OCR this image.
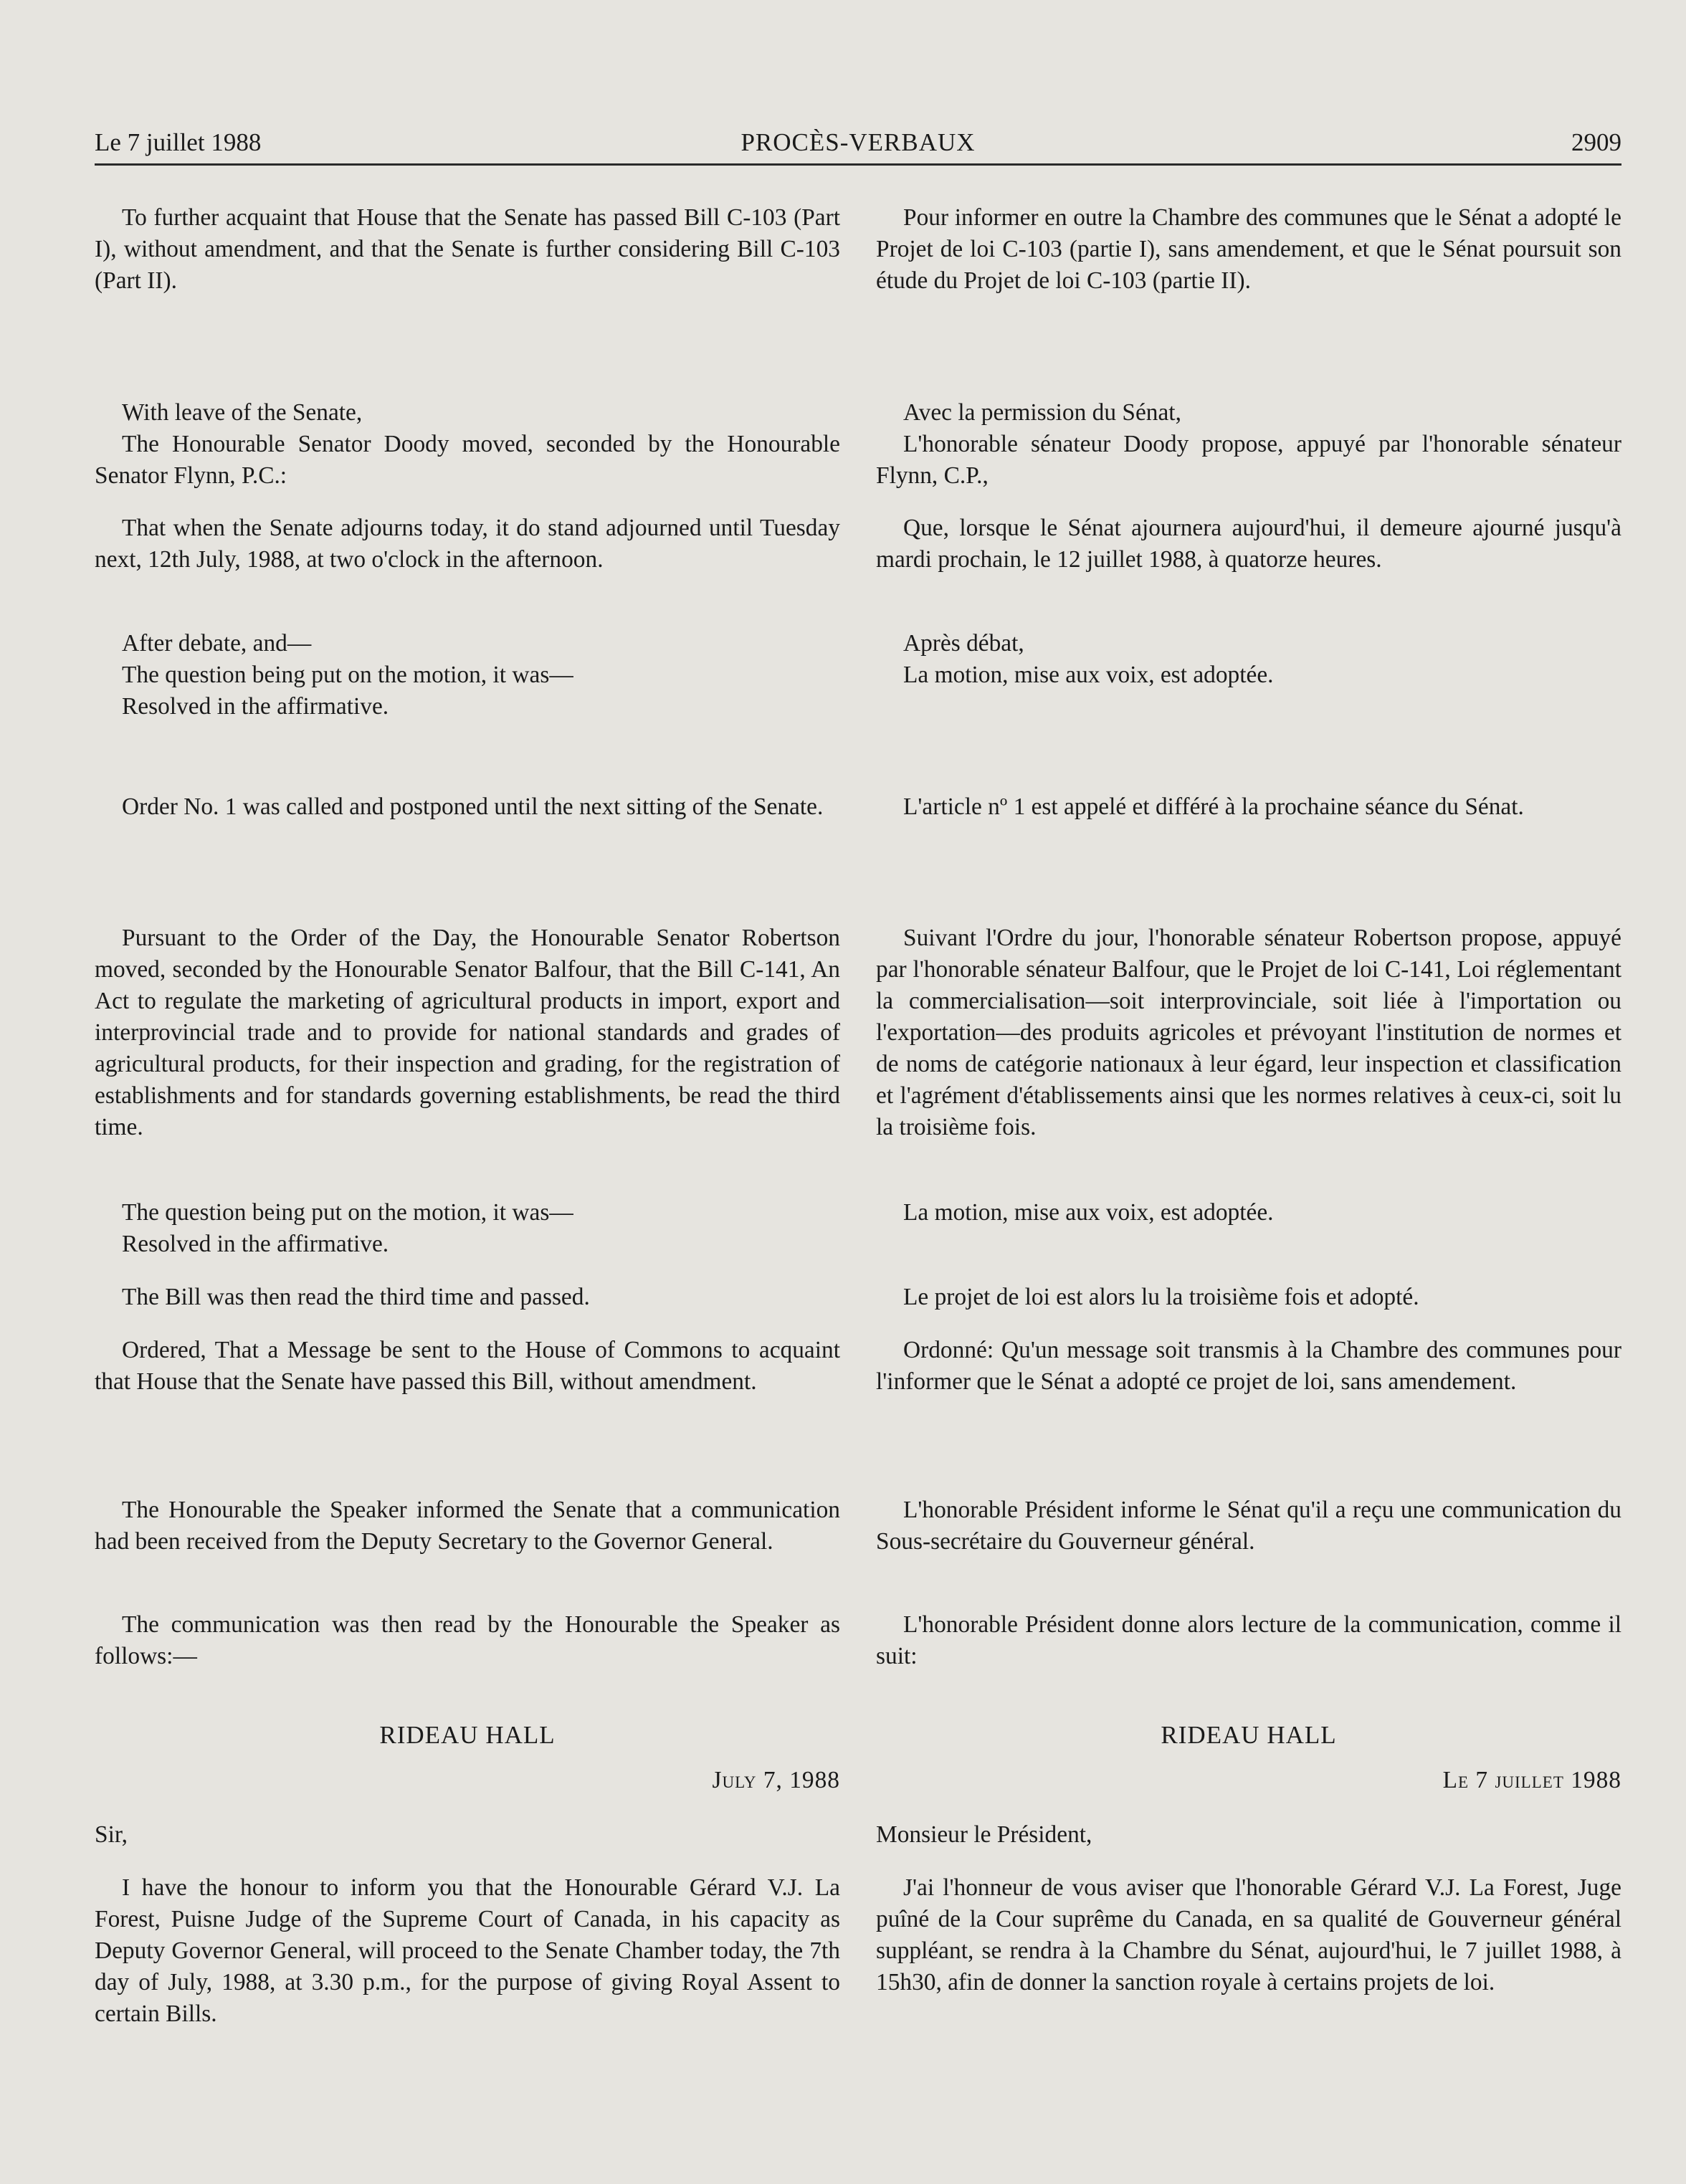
Le 7 juillet 1988	PROCÈS-VERBAUX	2909

To further acquaint that House that the Senate has passed Bill C-103 (Part I), without amendment, and that the Senate is further considering Bill C-103 (Part II).

With leave of the Senate,

The Honourable Senator Doody moved, seconded by the Honourable Senator Flynn, P.C.:

That when the Senate adjourns today, it do stand adjourned until Tuesday next, 12th July, 1988, at two o'clock in the afternoon.

After debate, and—

The question being put on the motion, it was—

Resolved in the affirmative.

Order No. 1 was called and postponed until the next sitting of the Senate.

Pursuant to the Order of the Day, the Honourable Senator Robertson moved, seconded by the Honourable Senator Balfour, that the Bill C-141, An Act to regulate the marketing of agricultural products in import, export and interprovincial trade and to provide for national standards and grades of agricultural products, for their inspection and grading, for the registration of establishments and for standards governing establishments, be read the third time.

The question being put on the motion, it was—

Resolved in the affirmative.

The Bill was then read the third time and passed.

Ordered, That a Message be sent to the House of Commons to acquaint that House that the Senate have passed this Bill, without amendment.

The Honourable the Speaker informed the Senate that a communication had been received from the Deputy Secretary to the Governor General.

The communication was then read by the Honourable the Speaker as follows:—

RIDEAU HALL
July 7, 1988

Sir,

I have the honour to inform you that the Honourable Gérard V.J. La Forest, Puisne Judge of the Supreme Court of Canada, in his capacity as Deputy Governor General, will proceed to the Senate Chamber today, the 7th day of July, 1988, at 3.30 p.m., for the purpose of giving Royal Assent to certain Bills.

Pour informer en outre la Chambre des communes que le Sénat a adopté le Projet de loi C-103 (partie I), sans amendement, et que le Sénat poursuit son étude du Projet de loi C-103 (partie II).

Avec la permission du Sénat,

L'honorable sénateur Doody propose, appuyé par l'honorable sénateur Flynn, C.P.,

Que, lorsque le Sénat ajournera aujourd'hui, il demeure ajourné jusqu'à mardi prochain, le 12 juillet 1988, à quatorze heures.

Après débat,

La motion, mise aux voix, est adoptée.

L'article nº 1 est appelé et différé à la prochaine séance du Sénat.

Suivant l'Ordre du jour, l'honorable sénateur Robertson propose, appuyé par l'honorable sénateur Balfour, que le Projet de loi C-141, Loi réglementant la commercialisation—soit interprovinciale, soit liée à l'importation ou l'exportation—des produits agricoles et prévoyant l'institution de normes et de noms de catégorie nationaux à leur égard, leur inspection et classification et l'agrément d'établissements ainsi que les normes relatives à ceux-ci, soit lu la troisième fois.

La motion, mise aux voix, est adoptée.

Le projet de loi est alors lu la troisième fois et adopté.

Ordonné: Qu'un message soit transmis à la Chambre des communes pour l'informer que le Sénat a adopté ce projet de loi, sans amendement.

L'honorable Président informe le Sénat qu'il a reçu une communication du Sous-secrétaire du Gouverneur général.

L'honorable Président donne alors lecture de la communication, comme il suit:

RIDEAU HALL
Le 7 juillet 1988

Monsieur le Président,

J'ai l'honneur de vous aviser que l'honorable Gérard V.J. La Forest, Juge puîné de la Cour suprême du Canada, en sa qualité de Gouverneur général suppléant, se rendra à la Chambre du Sénat, aujourd'hui, le 7 juillet 1988, à 15h30, afin de donner la sanction royale à certains projets de loi.
